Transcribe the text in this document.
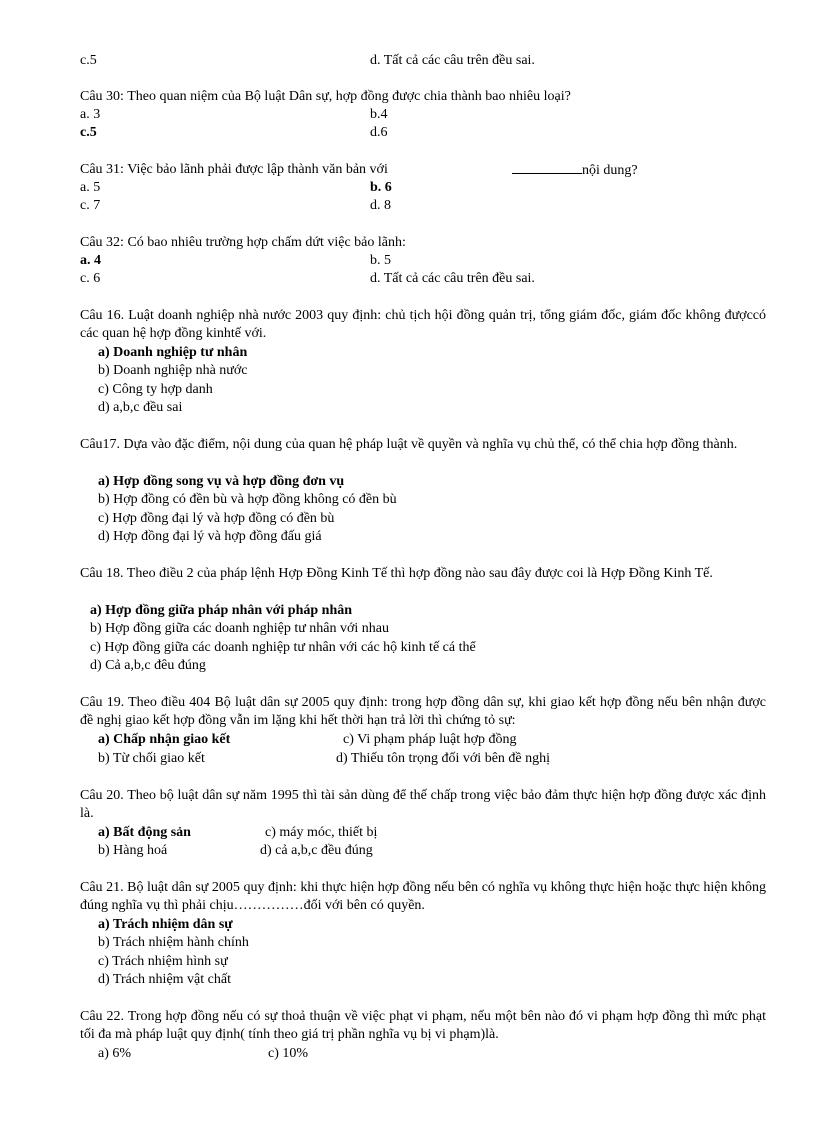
c.5	d. Tất cả các câu trên đều sai.
Câu 30: Theo quan niệm của Bộ luật Dân sự, hợp đồng được chia thành bao nhiêu loại?
a. 3	b.4
c.5	d.6
Câu 31: Việc bảo lãnh phải được lập thành văn bản với	nội dung?
a. 5	b. 6
c. 7	d. 8
Câu 32: Có bao nhiêu trường hợp chấm dứt việc bảo lãnh:
a. 4	b. 5
c. 6	d. Tất cả các câu trên đều sai.
Câu 16. Luật doanh nghiệp nhà nước 2003 quy định: chủ tịch hội đồng quản trị, tổng giám đốc, giám đốc không đượccó các quan hệ hợp đồng kinhtế với.
a) Doanh nghiệp tư nhân
b) Doanh nghiệp nhà nước
c) Công ty hợp danh
d) a,b,c đều sai
Câu17. Dựa vào đặc điểm, nội dung của quan hệ pháp luật về quyền và nghĩa vụ chủ thể, có thể chia hợp đồng thành.
a) Hợp đồng song vụ và hợp đồng đơn vụ
b) Hợp đồng có đền bù và hợp đồng không có đền bù
c) Hợp đồng đại lý và hợp đồng có đền bù
d) Hợp đồng đại lý và hợp đồng đấu giá
Câu 18. Theo điều 2 của pháp lệnh Hợp Đồng Kinh Tế thì hợp đồng nào sau đây được coi là Hợp Đồng Kinh Tế.
a) Hợp đồng giữa pháp nhân với pháp nhân
b) Hợp đồng giữa các doanh nghiệp tư nhân với nhau
c) Hợp đồng giữa các doanh nghiệp tư nhân với các hộ kinh tế cá thể
d) Cả a,b,c đêu đúng
Câu 19. Theo điều 404 Bộ luật dân sự 2005 quy định: trong hợp đồng dân sự, khi giao kết hợp đồng nếu bên nhận được đề nghị giao kết hợp đồng vẫn im lặng khi hết thời hạn trả lời thì chứng tỏ sự:
a) Chấp nhận giao kết	c) Vi phạm pháp luật hợp đồng
b) Từ chối giao kết	d) Thiếu tôn trọng đối với bên đề nghị
Câu 20. Theo bộ luật dân sự năm 1995 thì tài sản dùng để thế chấp trong việc bảo đảm thực hiện hợp đồng được xác định là.
a) Bất động sản	c) máy móc, thiết bị
b) Hàng hoá	d) cả a,b,c đều đúng
Câu 21. Bộ luật dân sự 2005 quy định: khi thực hiện hợp đồng nếu bên có nghĩa vụ không thực hiện hoặc thực hiện không đúng nghĩa vụ thì phải chịu……………đối với bên có quyền.
a) Trách nhiệm dân sự
b) Trách nhiệm hành chính
c) Trách nhiệm hình sự
d) Trách nhiệm vật chất
Câu 22. Trong hợp đồng nếu có sự thoả thuận về việc phạt vi phạm, nếu một bên nào đó vi phạm hợp đồng thì mức phạt tối đa mà pháp luật quy định( tính theo giá trị phần nghĩa vụ bị vi phạm)là.
a) 6%	c) 10%
